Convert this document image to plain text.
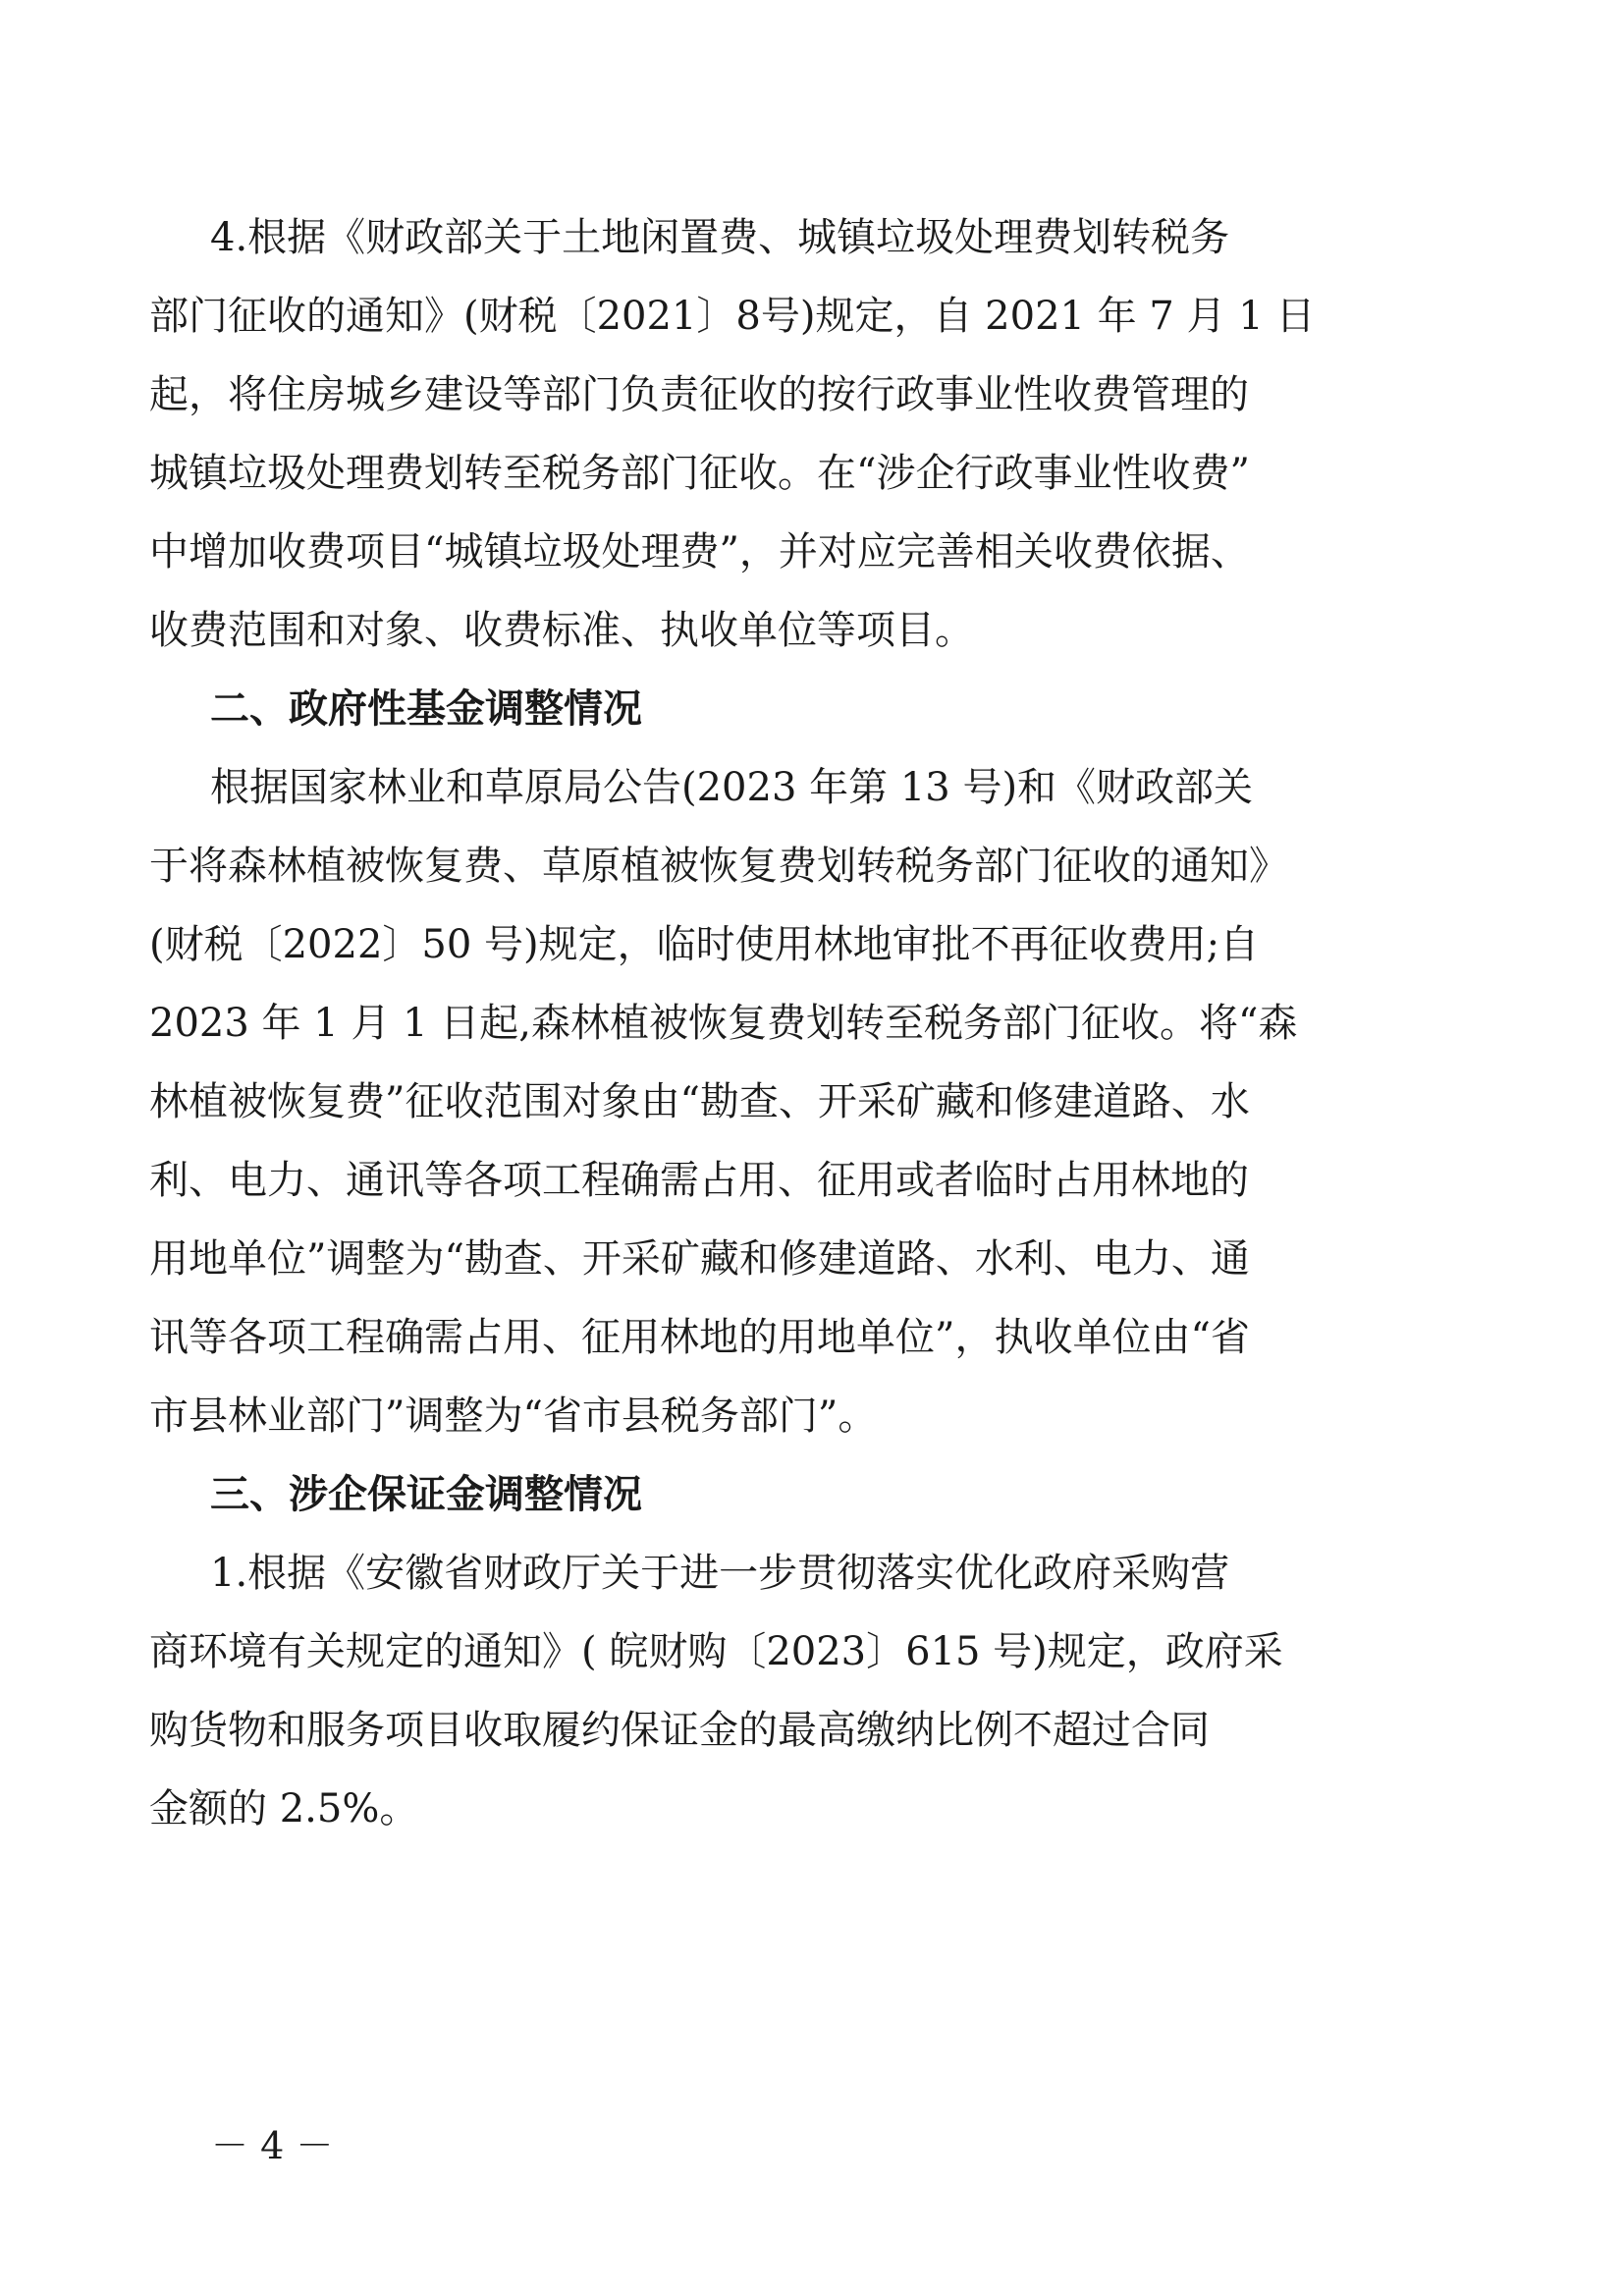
4.根据《财政部关于土地闲置费、城镇垃圾处理费划转税务
部门征收的通知》(财税〔2021〕8号)规定，自 2021 年 7 月 1 日
起，将住房城乡建设等部门负责征收的按行政事业性收费管理的
城镇垃圾处理费划转至税务部门征收。在“涉企行政事业性收费”
中增加收费项目“城镇垃圾处理费”，并对应完善相关收费依据、
收费范围和对象、收费标准、执收单位等项目。
二、政府性基金调整情况
根据国家林业和草原局公告(2023 年第 13 号)和《财政部关
于将森林植被恢复费、草原植被恢复费划转税务部门征收的通知》
(财税〔2022〕50 号)规定，临时使用林地审批不再征收费用;自
2023 年 1 月 1 日起,森林植被恢复费划转至税务部门征收。将“森
林植被恢复费”征收范围对象由“勘查、开采矿藏和修建道路、水
利、电力、通讯等各项工程确需占用、征用或者临时占用林地的
用地单位”调整为“勘查、开采矿藏和修建道路、水利、电力、通
讯等各项工程确需占用、征用林地的用地单位”，执收单位由“省
市县林业部门”调整为“省市县税务部门”。
三、涉企保证金调整情况
1.根据《安徽省财政厅关于进一步贯彻落实优化政府采购营
商环境有关规定的通知》( 皖财购〔2023〕615 号)规定，政府采
购货物和服务项目收取履约保证金的最高缴纳比例不超过合同
金额的 2.5%。
－ 4 －
